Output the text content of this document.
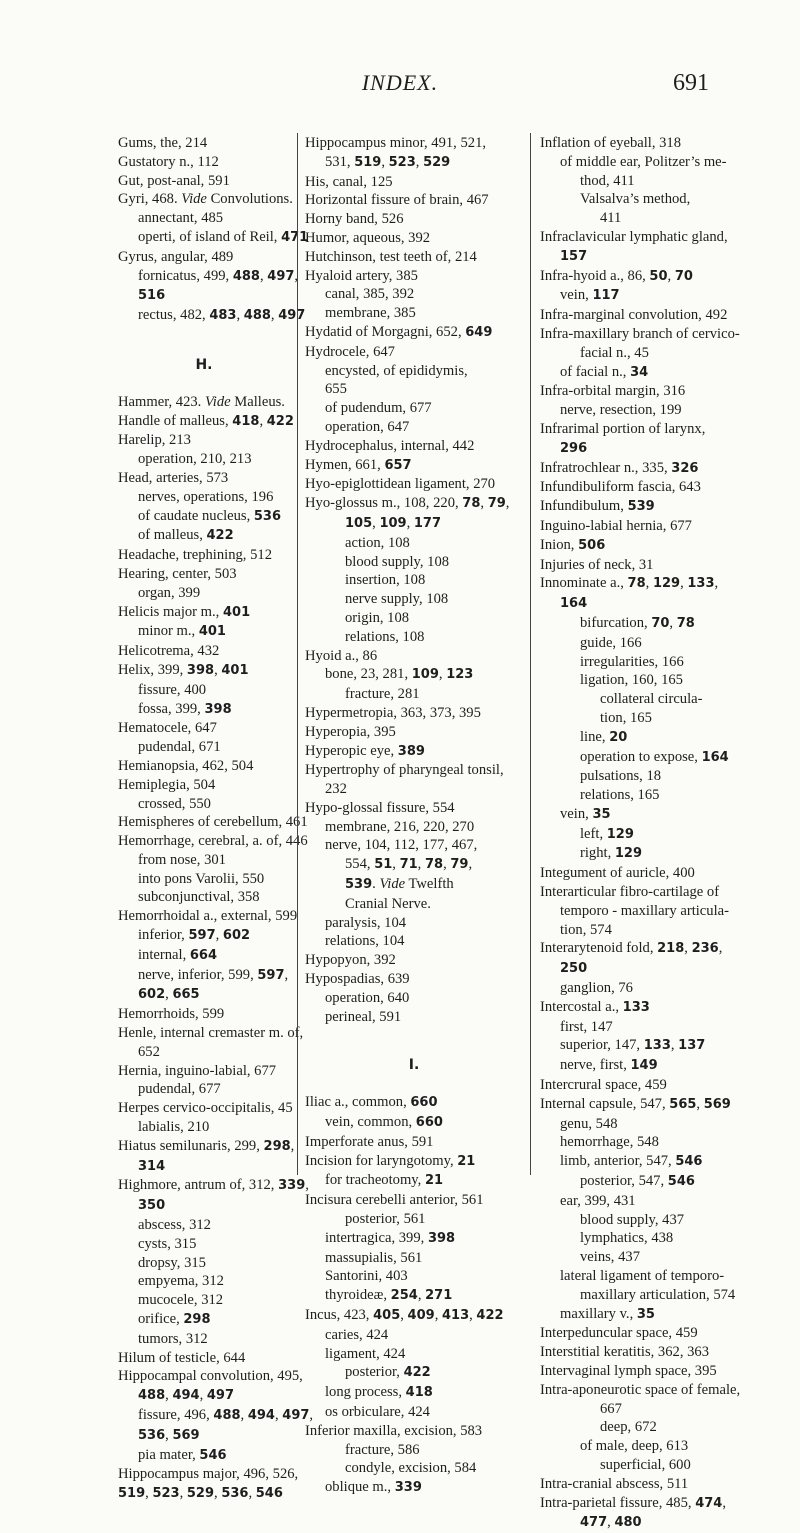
INDEX.	691
Gums, the, 214
Gustatory n., 112
Gut, post-anal, 591
Gyri, 468. Vide Convolutions.
annectant, 485
operti, of island of Reil, 471
Gyrus, angular, 489
fornicatus, 499, 488, 497,
516
rectus, 482, 483, 488, 497
H.
Hammer, 423. Vide Malleus.
Handle of malleus, 418, 422
Harelip, 213
operation, 210, 213
Head, arteries, 573
nerves, operations, 196
of caudate nucleus, 536
of malleus, 422
Headache, trephining, 512
Hearing, center, 503
organ, 399
Helicis major m., 401
minor m., 401
Helicotrema, 432
Helix, 399, 398, 401
fissure, 400
fossa, 399, 398
Hematocele, 647
pudendal, 671
Hemianopsia, 462, 504
Hemiplegia, 504
crossed, 550
Hemispheres of cerebellum, 461
Hemorrhage, cerebral, a. of, 446
from nose, 301
into pons Varolii, 550
subconjunctival, 358
Hemorrhoidal a., external, 599
inferior, 597, 602
internal, 664
nerve, inferior, 599, 597,
602, 665
Hemorrhoids, 599
Henle, internal cremaster m. of,
652
Hernia, inguino-labial, 677
pudendal, 677
Herpes cervico-occipitalis, 45
labialis, 210
Hiatus semilunaris, 299, 298,
314
Highmore, antrum of, 312, 339,
350
abscess, 312
cysts, 315
dropsy, 315
empyema, 312
mucocele, 312
orifice, 298
tumors, 312
Hilum of testicle, 644
Hippocampal convolution, 495,
488, 494, 497
fissure, 496, 488, 494, 497,
536, 569
pia mater, 546
Hippocampus major, 496, 526,
519, 523, 529, 536, 546
Hippocampus minor, 491, 521,
531, 519, 523, 529
His, canal, 125
Horizontal fissure of brain, 467
Horny band, 526
Humor, aqueous, 392
Hutchinson, test teeth of, 214
Hyaloid artery, 385
canal, 385, 392
membrane, 385
Hydatid of Morgagni, 652, 649
Hydrocele, 647
encysted, of epididymis,
655
of pudendum, 677
operation, 647
Hydrocephalus, internal, 442
Hymen, 661, 657
Hyo-epiglottidean ligament, 270
Hyo-glossus m., 108, 220, 78, 79,
105, 109, 177
action, 108
blood supply, 108
insertion, 108
nerve supply, 108
origin, 108
relations, 108
Hyoid a., 86
bone, 23, 281, 109, 123
fracture, 281
Hypermetropia, 363, 373, 395
Hyperopia, 395
Hyperopic eye, 389
Hypertrophy of pharyngeal tonsil,
232
Hypo-glossal fissure, 554
membrane, 216, 220, 270
nerve, 104, 112, 177, 467,
554, 51, 71, 78, 79,
539. Vide Twelfth
Cranial Nerve.
paralysis, 104
relations, 104
Hypopyon, 392
Hypospadias, 639
operation, 640
perineal, 591
I.
Iliac a., common, 660
vein, common, 660
Imperforate anus, 591
Incision for laryngotomy, 21
for tracheotomy, 21
Incisura cerebelli anterior, 561
posterior, 561
intertragica, 399, 398
massupialis, 561
Santorini, 403
thyroideæ, 254, 271
Incus, 423, 405, 409, 413, 422
caries, 424
ligament, 424
posterior, 422
long process, 418
os orbiculare, 424
Inferior maxilla, excision, 583
fracture, 586
condyle, excision, 584
oblique m., 339
Inflation of eyeball, 318
of middle ear, Politzer’s me-
thod, 411
Valsalva’s method,
411
Infraclavicular lymphatic gland,
157
Infra-hyoid a., 86, 50, 70
vein, 117
Infra-marginal convolution, 492
Infra-maxillary branch of cervico-
facial n., 45
of facial n., 34
Infra-orbital margin, 316
nerve, resection, 199
Infrarimal portion of larynx,
296
Infratrochlear n., 335, 326
Infundibuliform fascia, 643
Infundibulum, 539
Inguino-labial hernia, 677
Inion, 506
Injuries of neck, 31
Innominate a., 78, 129, 133,
164
bifurcation, 70, 78
guide, 166
irregularities, 166
ligation, 160, 165
collateral circula-
tion, 165
line, 20
operation to expose, 164
pulsations, 18
relations, 165
vein, 35
left, 129
right, 129
Integument of auricle, 400
Interarticular fibro-cartilage of
temporo - maxillary articula-
tion, 574
Interarytenoid fold, 218, 236,
250
ganglion, 76
Intercostal a., 133
first, 147
superior, 147, 133, 137
nerve, first, 149
Intercrural space, 459
Internal capsule, 547, 565, 569
genu, 548
hemorrhage, 548
limb, anterior, 547, 546
posterior, 547, 546
ear, 399, 431
blood supply, 437
lymphatics, 438
veins, 437
lateral ligament of temporo-
maxillary articulation, 574
maxillary v., 35
Interpeduncular space, 459
Interstitial keratitis, 362, 363
Intervaginal lymph space, 395
Intra-aponeurotic space of female,
667
deep, 672
of male, deep, 613
superficial, 600
Intra-cranial abscess, 511
Intra-parietal fissure, 485, 474,
477, 480
